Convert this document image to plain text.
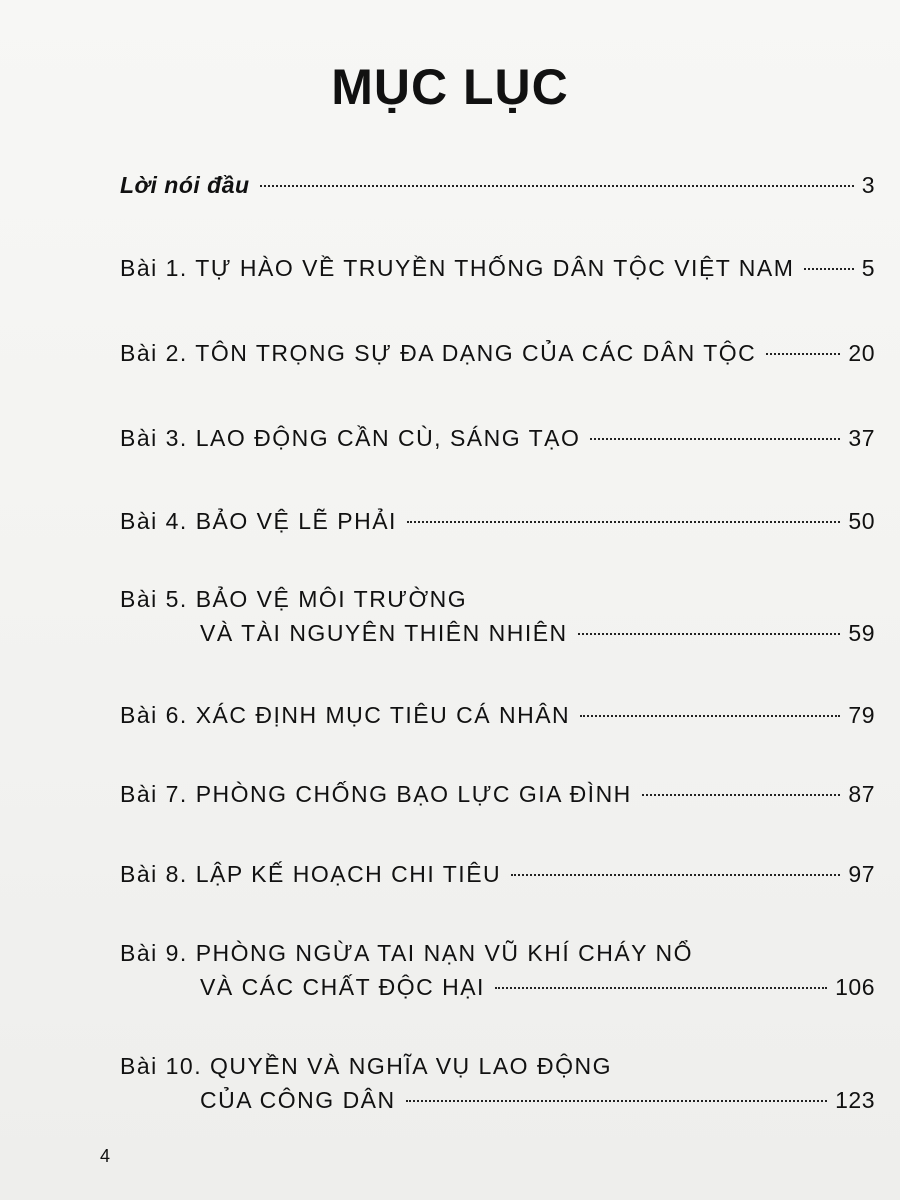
MỤC LỤC
Lời nói đầu	3
Bài 1. TỰ HÀO VỀ TRUYỀN THỐNG DÂN TỘC VIỆT NAM	5
Bài 2. TÔN TRỌNG SỰ ĐA DẠNG CỦA CÁC DÂN TỘC	20
Bài 3. LAO ĐỘNG CẦN CÙ, SÁNG TẠO	37
Bài 4. BẢO VỆ LẼ PHẢI	50
Bài 5. BẢO VỆ MÔI TRƯỜNG
VÀ TÀI NGUYÊN THIÊN NHIÊN	59
Bài 6. XÁC ĐỊNH MỤC TIÊU CÁ NHÂN	79
Bài 7. PHÒNG CHỐNG BẠO LỰC GIA ĐÌNH	87
Bài 8. LẬP KẾ HOẠCH CHI TIÊU	97
Bài 9. PHÒNG NGỪA TAI NẠN VŨ KHÍ CHÁY NỔ
VÀ CÁC CHẤT ĐỘC HẠI	106
Bài 10. QUYỀN VÀ NGHĨA VỤ LAO ĐỘNG
CỦA CÔNG DÂN	123
4
